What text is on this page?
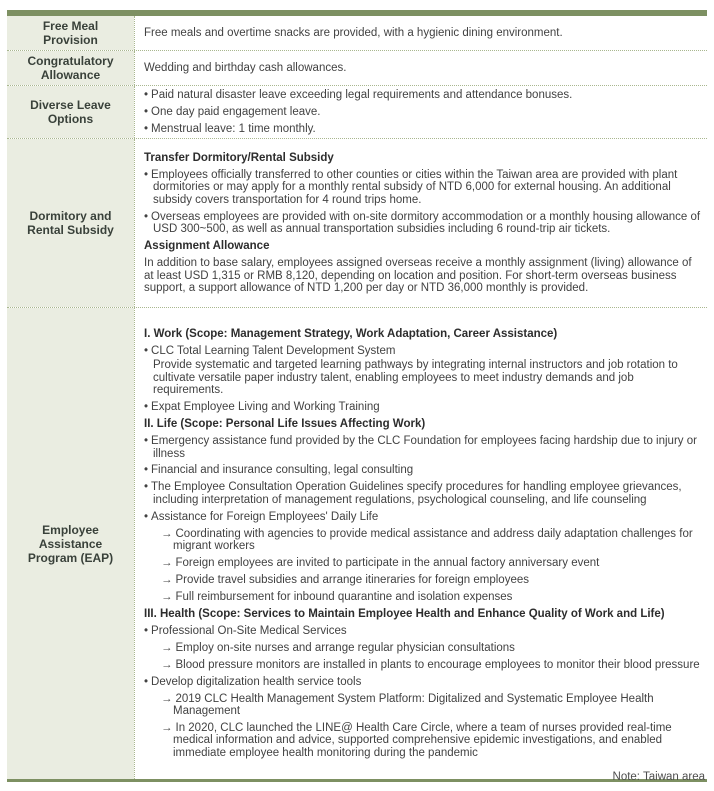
Free Meal Provision
Free meals and overtime snacks are provided, with a hygienic dining environment.
Congratulatory Allowance
Wedding and birthday cash allowances.
Diverse Leave Options
• Paid natural disaster leave exceeding legal requirements and attendance bonuses.
• One day paid engagement leave.
• Menstrual leave: 1 time monthly.
Dormitory and Rental Subsidy
Transfer Dormitory/Rental Subsidy
• Employees officially transferred to other counties or cities within the Taiwan area are provided with plant dormitories or may apply for a monthly rental subsidy of NTD 6,000 for external housing. An additional subsidy covers transportation for 4 round trips home.
• Overseas employees are provided with on-site dormitory accommodation or a monthly housing allowance of USD 300~500, as well as annual transportation subsidies including 6 round-trip air tickets.
Assignment Allowance
In addition to base salary, employees assigned overseas receive a monthly assignment (living) allowance of at least USD 1,315 or RMB 8,120, depending on location and position. For short-term overseas business support, a support allowance of NTD 1,200 per day or NTD 36,000 monthly is provided.
Employee Assistance Program (EAP)
I. Work (Scope: Management Strategy, Work Adaptation, Career Assistance)
• CLC Total Learning Talent Development System
Provide systematic and targeted learning pathways by integrating internal instructors and job rotation to cultivate versatile paper industry talent, enabling employees to meet industry demands and job requirements.
• Expat Employee Living and Working Training
II. Life (Scope: Personal Life Issues Affecting Work)
• Emergency assistance fund provided by the CLC Foundation for employees facing hardship due to injury or illness
• Financial and insurance consulting, legal consulting
• The Employee Consultation Operation Guidelines specify procedures for handling employee grievances, including interpretation of management regulations, psychological counseling, and life counseling
• Assistance for Foreign Employees' Daily Life
→ Coordinating with agencies to provide medical assistance and address daily adaptation challenges for migrant workers
→ Foreign employees are invited to participate in the annual factory anniversary event
→ Provide travel subsidies and arrange itineraries for foreign employees
→ Full reimbursement for inbound quarantine and isolation expenses
III. Health (Scope: Services to Maintain Employee Health and Enhance Quality of Work and Life)
• Professional On-Site Medical Services
→ Employ on-site nurses and arrange regular physician consultations
→ Blood pressure monitors are installed in plants to encourage employees to monitor their blood pressure
• Develop digitalization health service tools
→ 2019 CLC Health Management System Platform: Digitalized and Systematic Employee Health Management
→ In 2020, CLC launched the LINE@ Health Care Circle, where a team of nurses provided real-time medical information and advice, supported comprehensive epidemic investigations, and enabled immediate employee health monitoring during the pandemic
Note: Taiwan area
